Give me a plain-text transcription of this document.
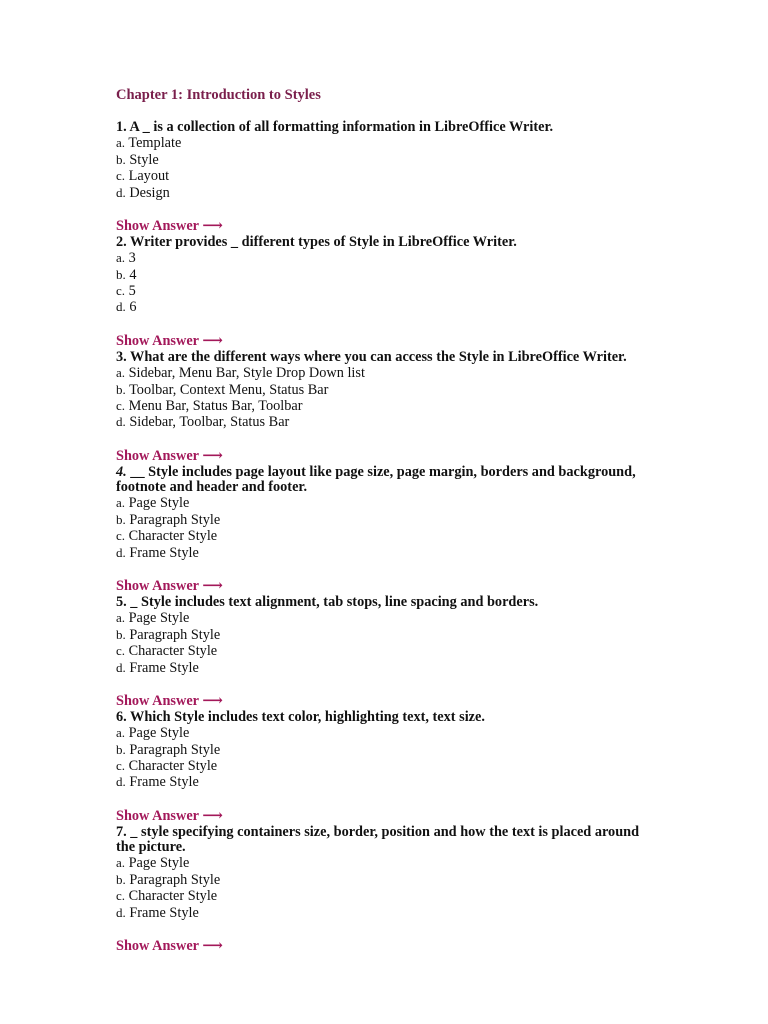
Chapter 1: Introduction to Styles
1. A _ is a collection of all formatting information in LibreOffice Writer.
a. Template
b. Style
c. Layout
d. Design
Show Answer ⟶
2. Writer provides _ different types of Style in LibreOffice Writer.
a. 3
b. 4
c. 5
d. 6
Show Answer ⟶
3. What are the different ways where you can access the Style in LibreOffice Writer.
a. Sidebar, Menu Bar, Style Drop Down list
b. Toolbar, Context Menu, Status Bar
c. Menu Bar, Status Bar, Toolbar
d. Sidebar, Toolbar, Status Bar
Show Answer ⟶
4. __ Style includes page layout like page size, page margin, borders and background, footnote and header and footer.
a. Page Style
b. Paragraph Style
c. Character Style
d. Frame Style
Show Answer ⟶
5. _ Style includes text alignment, tab stops, line spacing and borders.
a. Page Style
b. Paragraph Style
c. Character Style
d. Frame Style
Show Answer ⟶
6. Which Style includes text color, highlighting text, text size.
a. Page Style
b. Paragraph Style
c. Character Style
d. Frame Style
Show Answer ⟶
7. _ style specifying containers size, border, position and how the text is placed around the picture.
a. Page Style
b. Paragraph Style
c. Character Style
d. Frame Style
Show Answer ⟶
